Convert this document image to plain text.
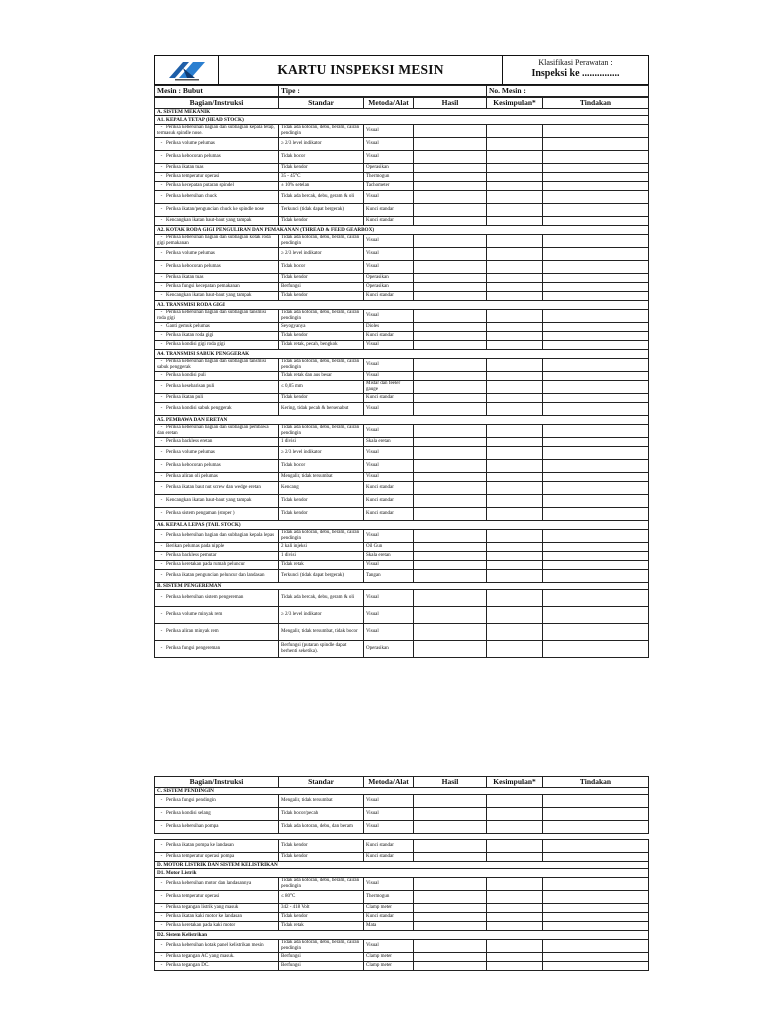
	KARTU INSPEKSI MESIN	Klasifikasi Perawatan :
Inspeksi ke ...............
Mesin : Bubut	Tipe :	No. Mesin :
Bagian/Instruksi	Standar	Metoda/Alat	Hasil	Kesimpulan*	Tindakan
A. SISTEM MEKANIK					
A1. KEPALA TETAP (HEAD STOCK)					
- Periksa kebersihan bagian dan subbagian kepala tetap, termasuk spindle nose.	Tidak ada kotoran, debu, beram, cairan pendingin	Visual			
- Periksa volume pelumas	≥ 2/3 level indikator	Visual			
- Periksa kebocoran pelumas	Tidak bocor	Visual			
- Periksa ikatan tuas	Tidak kendor	Operasikan			
- Periksa temperatur operasi	35 - 45°C	Thermogun			
- Periksa kecepatan putaran spindel	± 10% setelan	Tachometer			
- Periksa kebersihan chuck	Tidak ada bercak, debu, geram & oli	Visual			
- Periksa ikatan/penguncian chuck ke spindle nose	Terkunci (tidak dapat bergerak)	Kunci standar			
- Kencangkan ikatan baut-baut yang tampak	Tidak kendor	Kunci standar			
A2. KOTAK RODA GIGI PENGULIRAN DAN PEMAKANAN (THREAD & FEED GEARBOX)					
- Periksa kebersihan bagian dan subbagian kotak roda gigi pemakanan	Tidak ada kotoran, debu, beram, cairan pendingin	Visual			
- Periksa volume pelumas	≥ 2/3 level indikator	Visual			
- Periksa kebocoran pelumas	Tidak bocor	Visual			
- Periksa ikatan tuas	Tidak kendor	Operasikan			
- Periksa fungsi kecepatan pemakanan	Berfungsi	Operasikan			
- Kencangkan ikatan baut-baut yang tampak	Tidak kendor	Kunci standar			
A3. TRANSMISI RODA GIGI					
- Periksa kebersihan bagian dan subbagian tansmisi roda gigi	Tidak ada kotoran, debu, beram, cairan pendingin	Visual			
- Ganti gemuk pelumas	Seyogyanya	Dioles			
- Periksa ikatan roda gigi	Tidak kendor	Kunci standar			
- Periksa kondisi gigi roda gigi	Tidak retak, pecah, bengkok	Visual			
A4. TRANSMISI SABUK PENGGERAK					
- Periksa kebersihan bagian dan subbagian tansmisi sabuk penggerak	Tidak ada kotoran, debu, beram, cairan pendingin	Visual			
- Periksa kondisi puli	Tidak retak dan aus besar	Visual			
- Periksa kesebarisan puli	≤ 0,05 mm	Mistar dan feeler gauge			
- Periksa ikatan puli	Tidak kendor	Kunci standar			
- Periksa kondisi sabuk penggerak	Kering, tidak pecah & bersenabut	Visual			
A5. PEMBAWA DAN ERETAN					
- Periksa kebersihan bagian dan subbagian pembawa dan eretan	Tidak ada kotoran, debu, beram, cairan pendingin	Visual			
- Periksa backless eretan	1 divisi	Skala eretan			
- Periksa volume pelumas	≥ 2/3 level indikator	Visual			
- Periksa kebocoran pelumas	Tidak bocor	Visual			
- Periksa aliran oli pelumas	Mengalir, tidak tersumbat	Visual			
- Periksa ikatan baut nut screw dan wedge eretan	Kencang	Kunci standar			
- Kencangkan ikatan baut-baut yang tampak	Tidak kendor	Kunci standar			
- Periksa sistem pengaman (stoper )	Tidak kendor	Kunci standar			
A6. KEPALA LEPAS (TAIL STOCK)					
- Periksa kebersihan bagian dan subbagian kepala lepas	Tidak ada kotoran, debu, beram, cairan pendingin	Visual			
- Berikan pelumas pada nipple	2 kali injeksi	Oil Gun			
- Periksa backless pemutar	1 divisi	Skala eretan			
- Periksa keretakan pada rumah peluncur	Tidak retak	Visual			
- Periksa ikatan penguncian peluncur dan landasan	Terkunci (tidak dapat bergerak)	Tangan			
B. SISTEM PENGEREMAN					
- Periksa kebersihan sistem pengereman	Tidak ada bercak, debu, geram & oli	Visual			
- Periksa volume minyak rem	≥ 2/3 level indikator	Visual			
- Periksa aliran minyak rem	Mengalir, tidak tersumbat, tidak bocor	Visual			
- Periksa fungsi pengereman	Berfungsi (putaran spindle dapat berhenti seketika).	Operasikan			
Bagian/Instruksi	Standar	Metoda/Alat	Hasil	Kesimpulan*	Tindakan
C. SISTEM PENDINGIN					
- Periksa fungsi pendingin	Mengalir, tidak tersumbat	Visual			
- Periksa kondisi selang	Tidak bocor/pecah	Visual			
- Periksa kebersihan pompa	Tidak ada kotoran, debu, dan beram	Visual			

- Periksa ikatan pompa ke landasan	Tidak kendor	Kunci standar			
- Periksa temperatur operasi pompa	Tidak kendor	Kunci standar			
D. MOTOR LISTRIK DAN SISTEM KELISTRIKAN					
D1. Motor Listrik					
- Periksa kebersihan motor dan landasannya	Tidak ada kotoran, debu, beram, cairan pendingin	Visual			
- Periksa temperatur operasi	≤ 80°C	Thermogun			
- Periksa tegangan listrik yang masuk	342 - 418 Volt	Clamp meter			
- Periksa ikatan kaki motor ke landasan	Tidak kendor	Kunci standar			
- Periksa keretakan pada kaki motor	Tidak retak	Mata			
D2. Sistem Kelistrikan					
- Periksa kebersihan kotak panel kelistrikan mesin	Tidak ada kotoran, debu, beram, cairan pendingin	Visual			
- Periksa tegangan AC yang masuk.	Berfungsi	Clamp meter			
- Periksa tegangan DC.	Berfungsi	Clamp meter			
